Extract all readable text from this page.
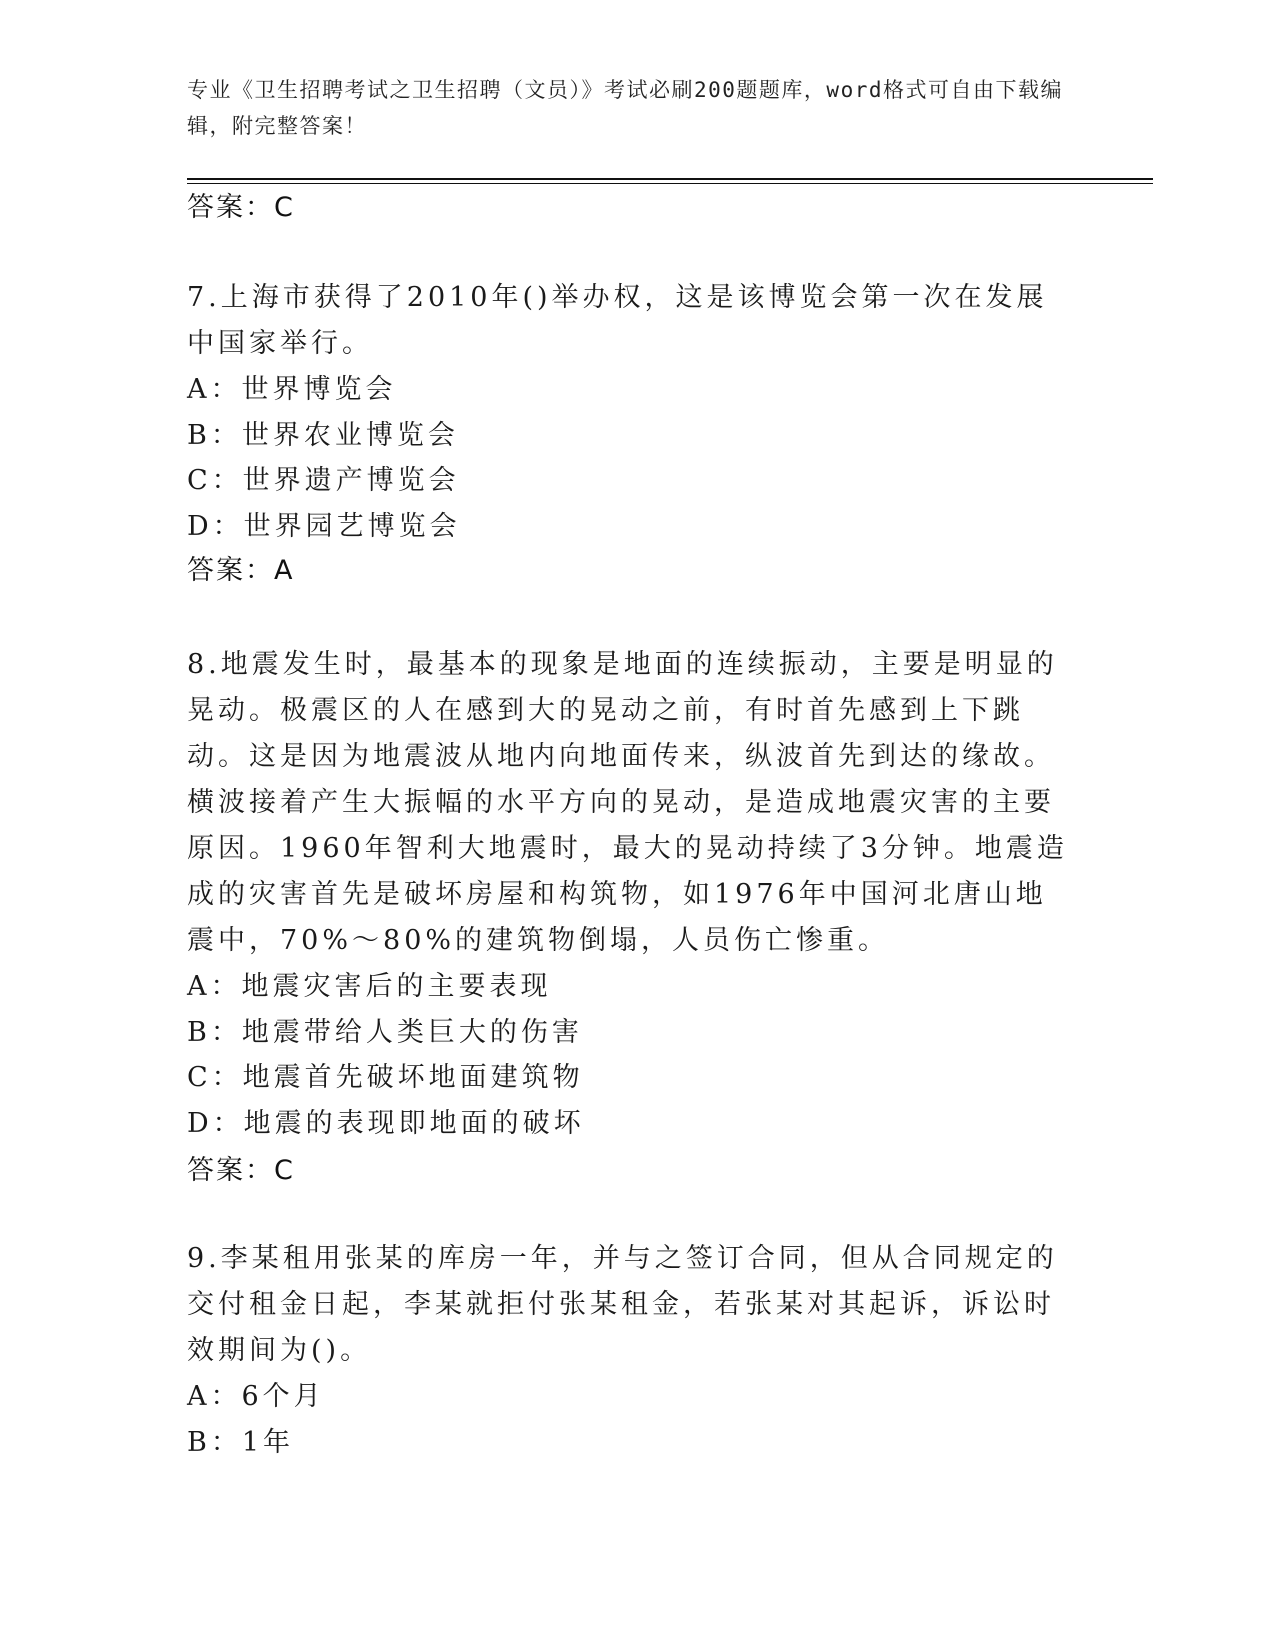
专业《卫生招聘考试之卫生招聘（文员）》考试必刷200题题库，word格式可自由下载编辑，附完整答案！
答案：C

7.上海市获得了2010年()举办权，这是该博览会第一次在发展中国家举行。

A：世界博览会

B：世界农业博览会

C：世界遗产博览会

D：世界园艺博览会

答案：A

8.地震发生时，最基本的现象是地面的连续振动，主要是明显的晃动。极震区的人在感到大的晃动之前，有时首先感到上下跳动。这是因为地震波从地内向地面传来，纵波首先到达的缘故。横波接着产生大振幅的水平方向的晃动，是造成地震灾害的主要原因。1960年智利大地震时，最大的晃动持续了3分钟。地震造成的灾害首先是破坏房屋和构筑物，如1976年中国河北唐山地震中，70%～80%的建筑物倒塌，人员伤亡惨重。

A：地震灾害后的主要表现

B：地震带给人类巨大的伤害

C：地震首先破坏地面建筑物

D：地震的表现即地面的破坏

答案：C

9.李某租用张某的库房一年，并与之签订合同，但从合同规定的交付租金日起，李某就拒付张某租金，若张某对其起诉，诉讼时效期间为()。

A：6个月

B：1年
